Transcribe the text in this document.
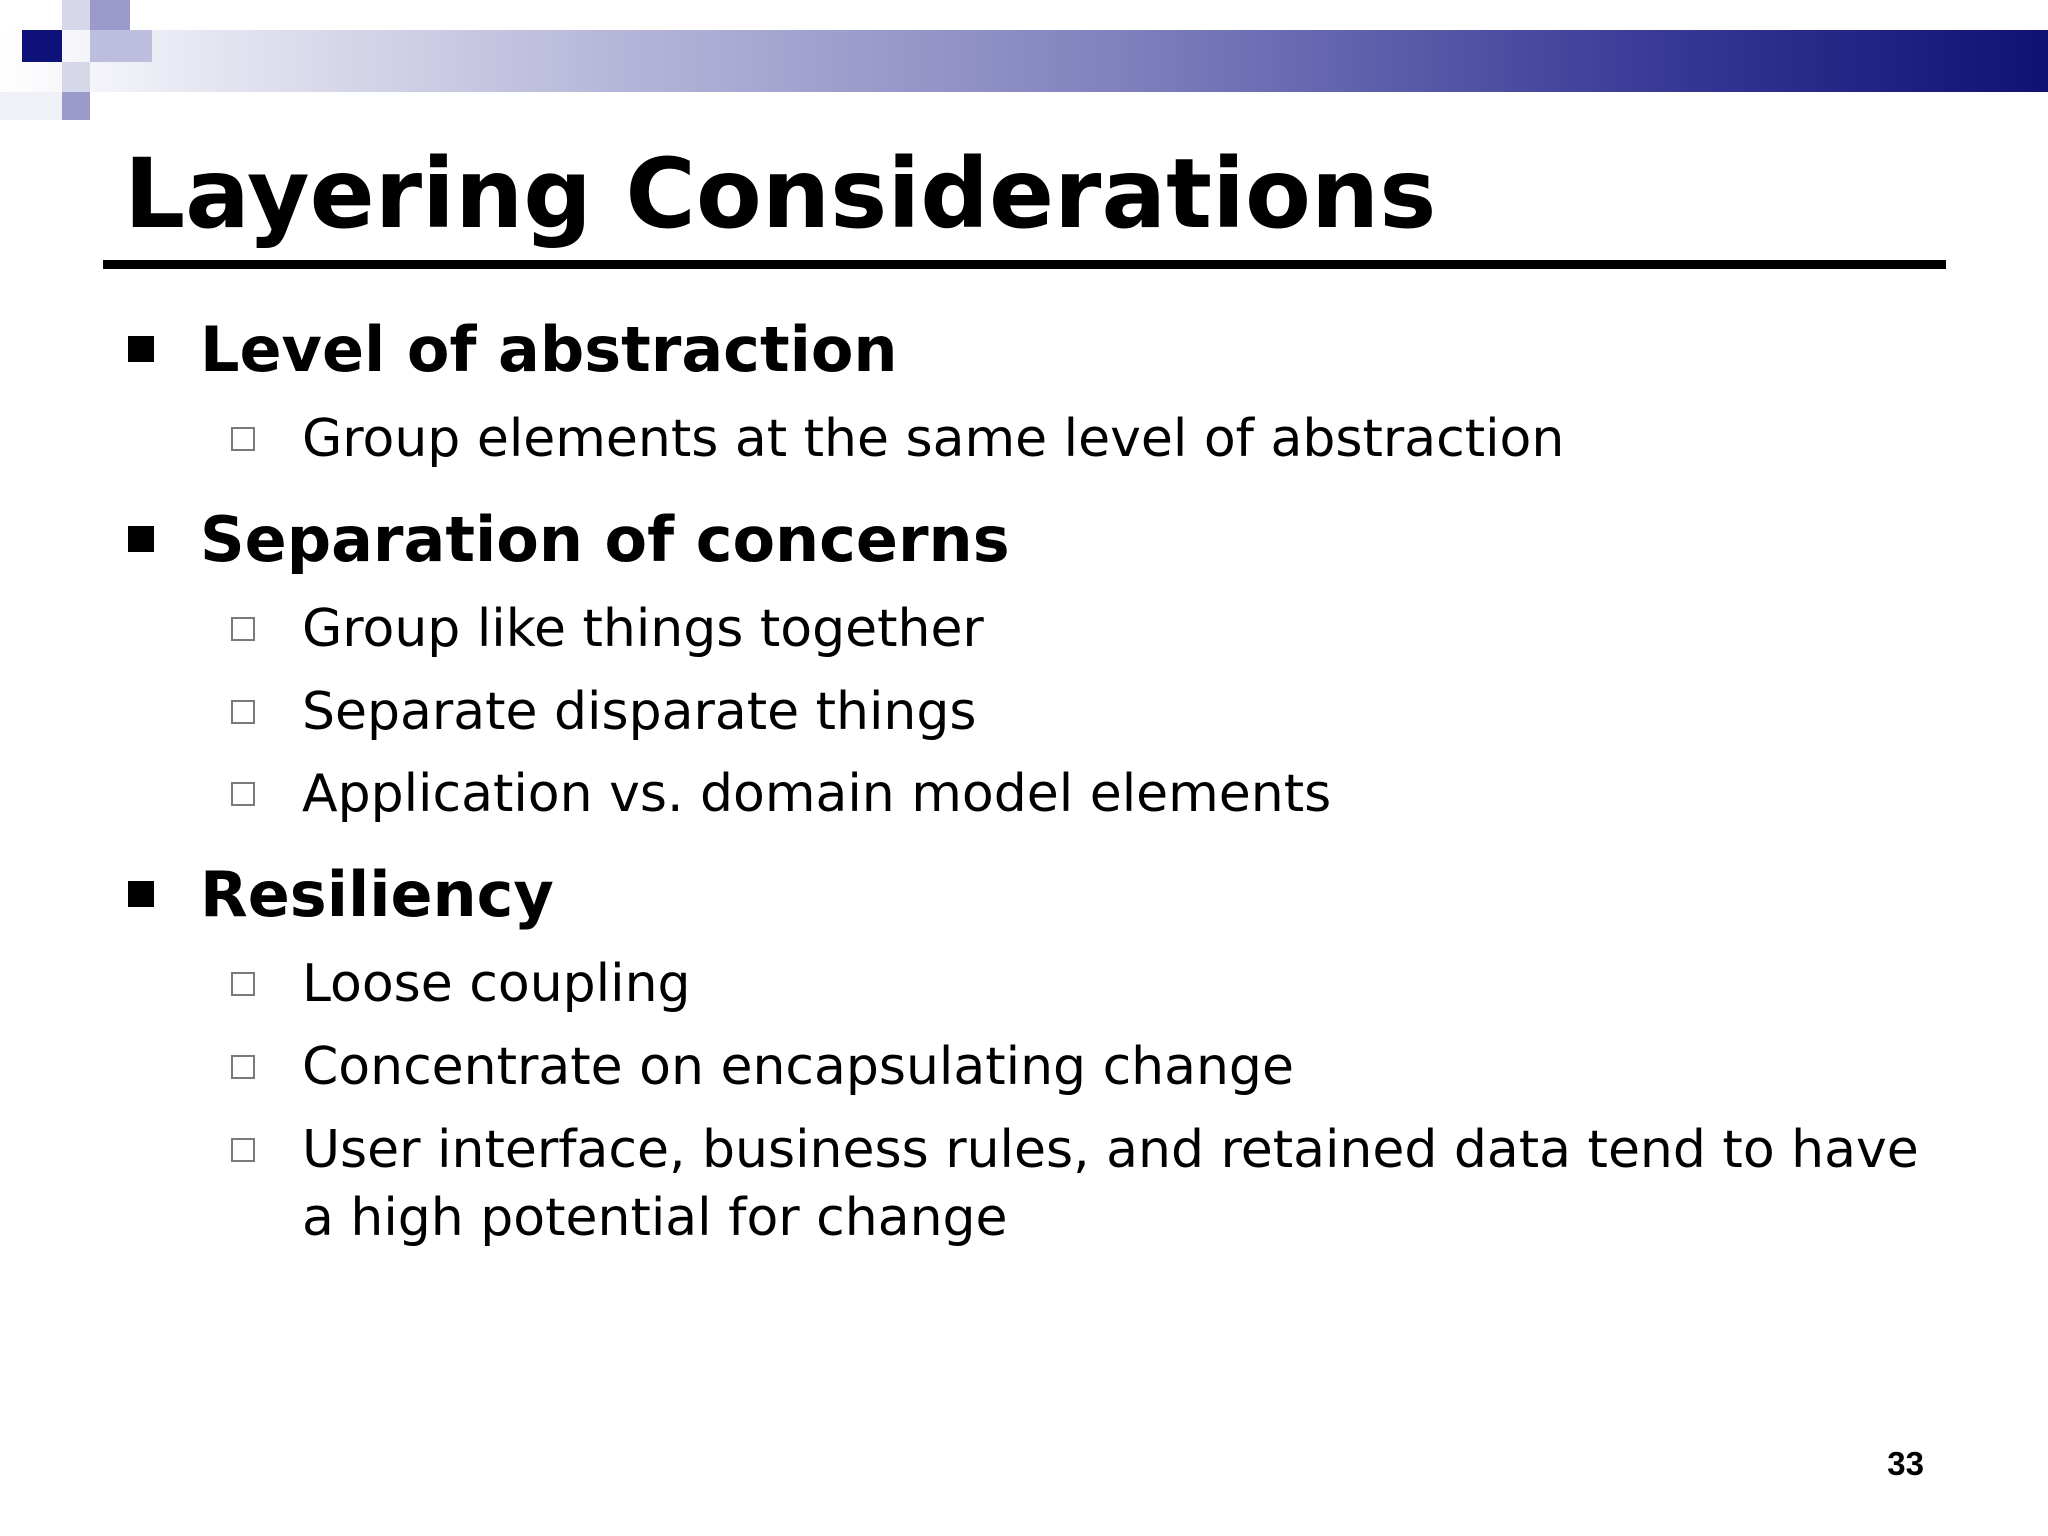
Layering Considerations
Level of abstraction
Group elements at the same level of abstraction
Separation of concerns
Group like things together
Separate disparate things
Application vs. domain model elements
Resiliency
Loose coupling
Concentrate on encapsulating change
User interface, business rules, and retained data tend to have
a high potential for change
33
